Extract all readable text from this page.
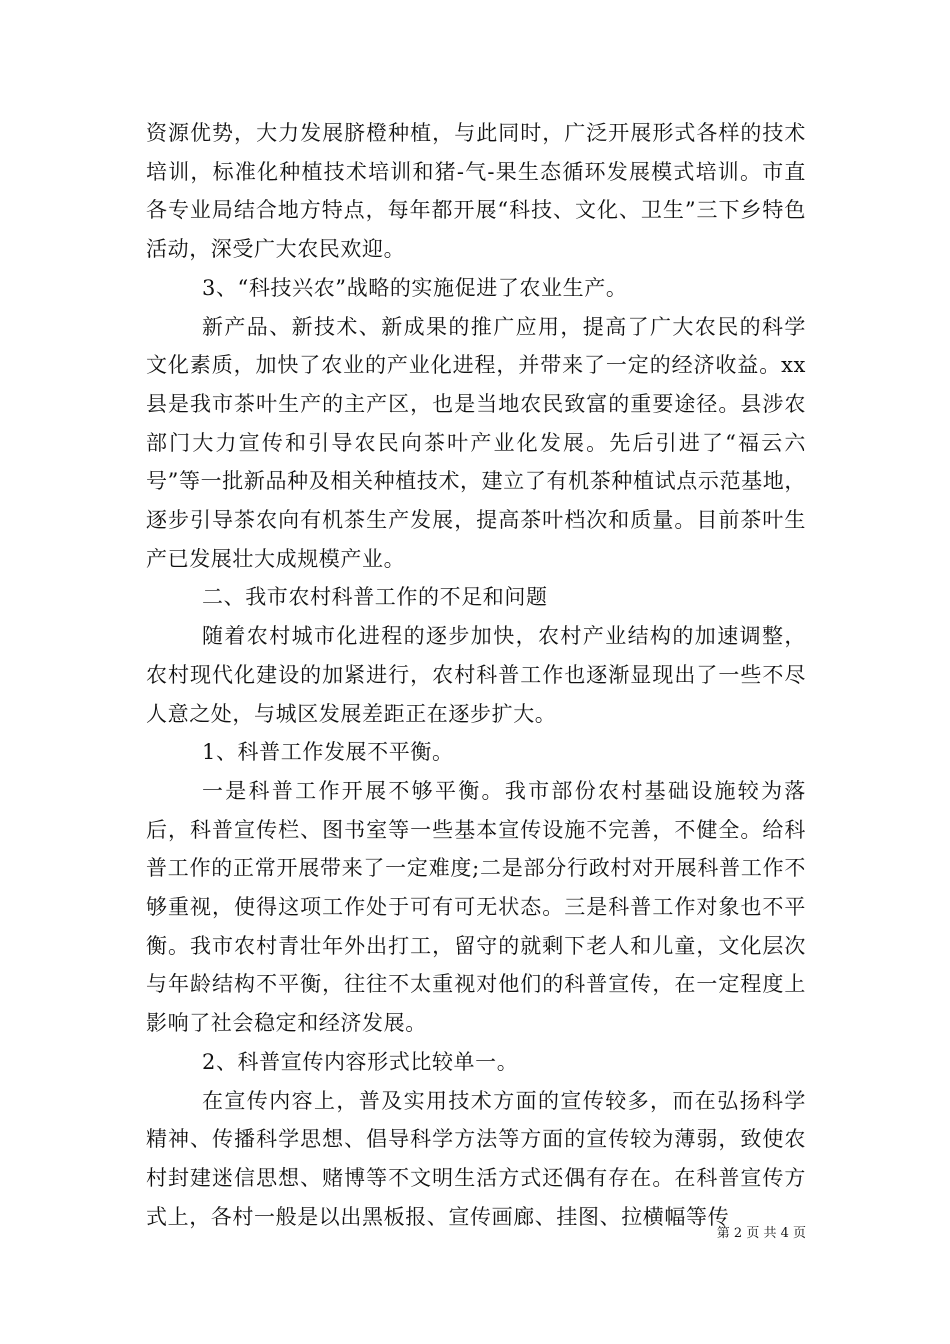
资源优势，大力发展脐橙种植，与此同时，广泛开展形式各样的技术培训，标准化种植技术培训和猪-气-果生态循环发展模式培训。市直各专业局结合地方特点，每年都开展“科技、文化、卫生”三下乡特色活动，深受广大农民欢迎。

3、“科技兴农”战略的实施促进了农业生产。

新产品、新技术、新成果的推广应用，提高了广大农民的科学文化素质，加快了农业的产业化进程，并带来了一定的经济收益。xx县是我市茶叶生产的主产区，也是当地农民致富的重要途径。县涉农部门大力宣传和引导农民向茶叶产业化发展。先后引进了“福云六号”等一批新品种及相关种植技术，建立了有机茶种植试点示范基地，逐步引导茶农向有机茶生产发展，提高茶叶档次和质量。目前茶叶生产已发展壮大成规模产业。

二、我市农村科普工作的不足和问题

随着农村城市化进程的逐步加快，农村产业结构的加速调整，农村现代化建设的加紧进行，农村科普工作也逐渐显现出了一些不尽人意之处，与城区发展差距正在逐步扩大。

1、科普工作发展不平衡。

一是科普工作开展不够平衡。我市部份农村基础设施较为落后，科普宣传栏、图书室等一些基本宣传设施不完善，不健全。给科普工作的正常开展带来了一定难度;二是部分行政村对开展科普工作不够重视，使得这项工作处于可有可无状态。三是科普工作对象也不平衡。我市农村青壮年外出打工，留守的就剩下老人和儿童，文化层次与年龄结构不平衡，往往不太重视对他们的科普宣传，在一定程度上影响了社会稳定和经济发展。

2、科普宣传内容形式比较单一。

在宣传内容上，普及实用技术方面的宣传较多，而在弘扬科学精神、传播科学思想、倡导科学方法等方面的宣传较为薄弱，致使农村封建迷信思想、赌博等不文明生活方式还偶有存在。在科普宣传方式上，各村一般是以出黑板报、宣传画廊、挂图、拉横幅等传

第 2 页 共 4 页
